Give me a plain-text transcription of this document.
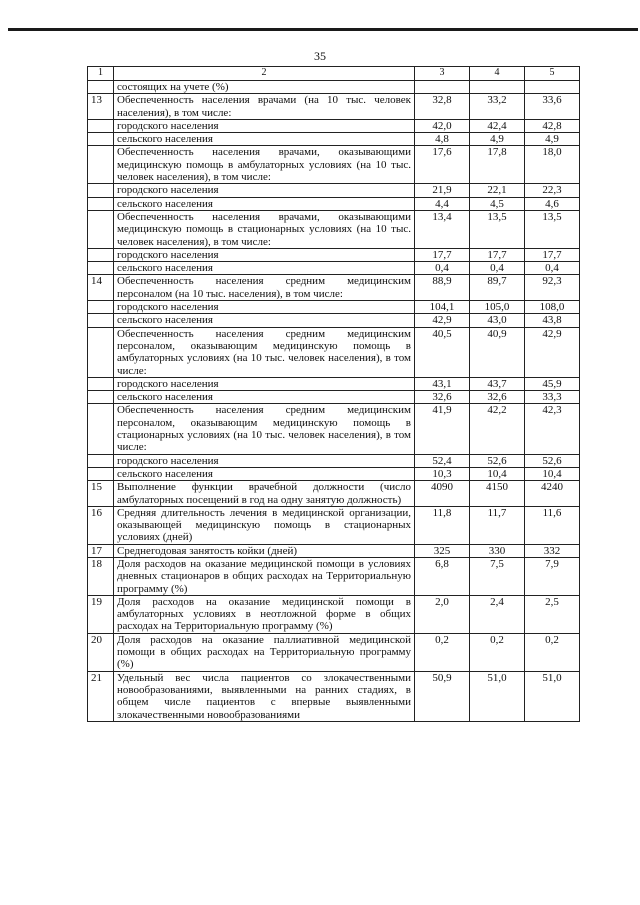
35
1	2	3	4	5
	состоящих на учете (%)			
13	Обеспеченность населения врачами (на 10 тыс. человек населения), в том числе:	32,8	33,2	33,6
	городского населения	42,0	42,4	42,8
	сельского населения	4,8	4,9	4,9
	Обеспеченность населения врачами, оказывающими медицинскую помощь в амбулаторных условиях (на 10 тыс. человек населения), в том числе:	17,6	17,8	18,0
	городского населения	21,9	22,1	22,3
	сельского населения	4,4	4,5	4,6
	Обеспеченность населения врачами, оказывающими медицинскую помощь в стационарных условиях (на 10 тыс. человек населения), в том числе:	13,4	13,5	13,5
	городского населения	17,7	17,7	17,7
	сельского населения	0,4	0,4	0,4
14	Обеспеченность населения средним медицинским персоналом (на 10 тыс. населения), в том числе:	88,9	89,7	92,3
	городского населения	104,1	105,0	108,0
	сельского населения	42,9	43,0	43,8
	Обеспеченность населения средним медицинским персоналом, оказывающим медицинскую помощь в амбулаторных условиях (на 10 тыс. человек населения), в том числе:	40,5	40,9	42,9
	городского населения	43,1	43,7	45,9
	сельского населения	32,6	32,6	33,3
	Обеспеченность населения средним медицинским персоналом, оказывающим медицинскую помощь в стационарных условиях (на 10 тыс. человек населения), в том числе:	41,9	42,2	42,3
	городского населения	52,4	52,6	52,6
	сельского населения	10,3	10,4	10,4
15	Выполнение функции врачебной должности (число амбулаторных посещений в год на одну занятую должность)	4090	4150	4240
16	Средняя длительность лечения в медицинской организации, оказывающей медицинскую помощь в стационарных условиях (дней)	11,8	11,7	11,6
17	Среднегодовая занятость койки (дней)	325	330	332
18	Доля расходов на оказание медицинской помощи в условиях дневных стационаров в общих расходах на Территориальную программу (%)	6,8	7,5	7,9
19	Доля расходов на оказание медицинской помощи в амбулаторных условиях в неотложной форме в общих расходах на Территориальную программу (%)	2,0	2,4	2,5
20	Доля расходов на оказание паллиативной медицинской помощи в общих расходах на Территориальную программу (%)	0,2	0,2	0,2
21	Удельный вес числа пациентов со злокачественными новообразованиями, выявленными на ранних стадиях, в общем числе пациентов с впервые выявленными злокачественными новообразованиями	50,9	51,0	51,0
